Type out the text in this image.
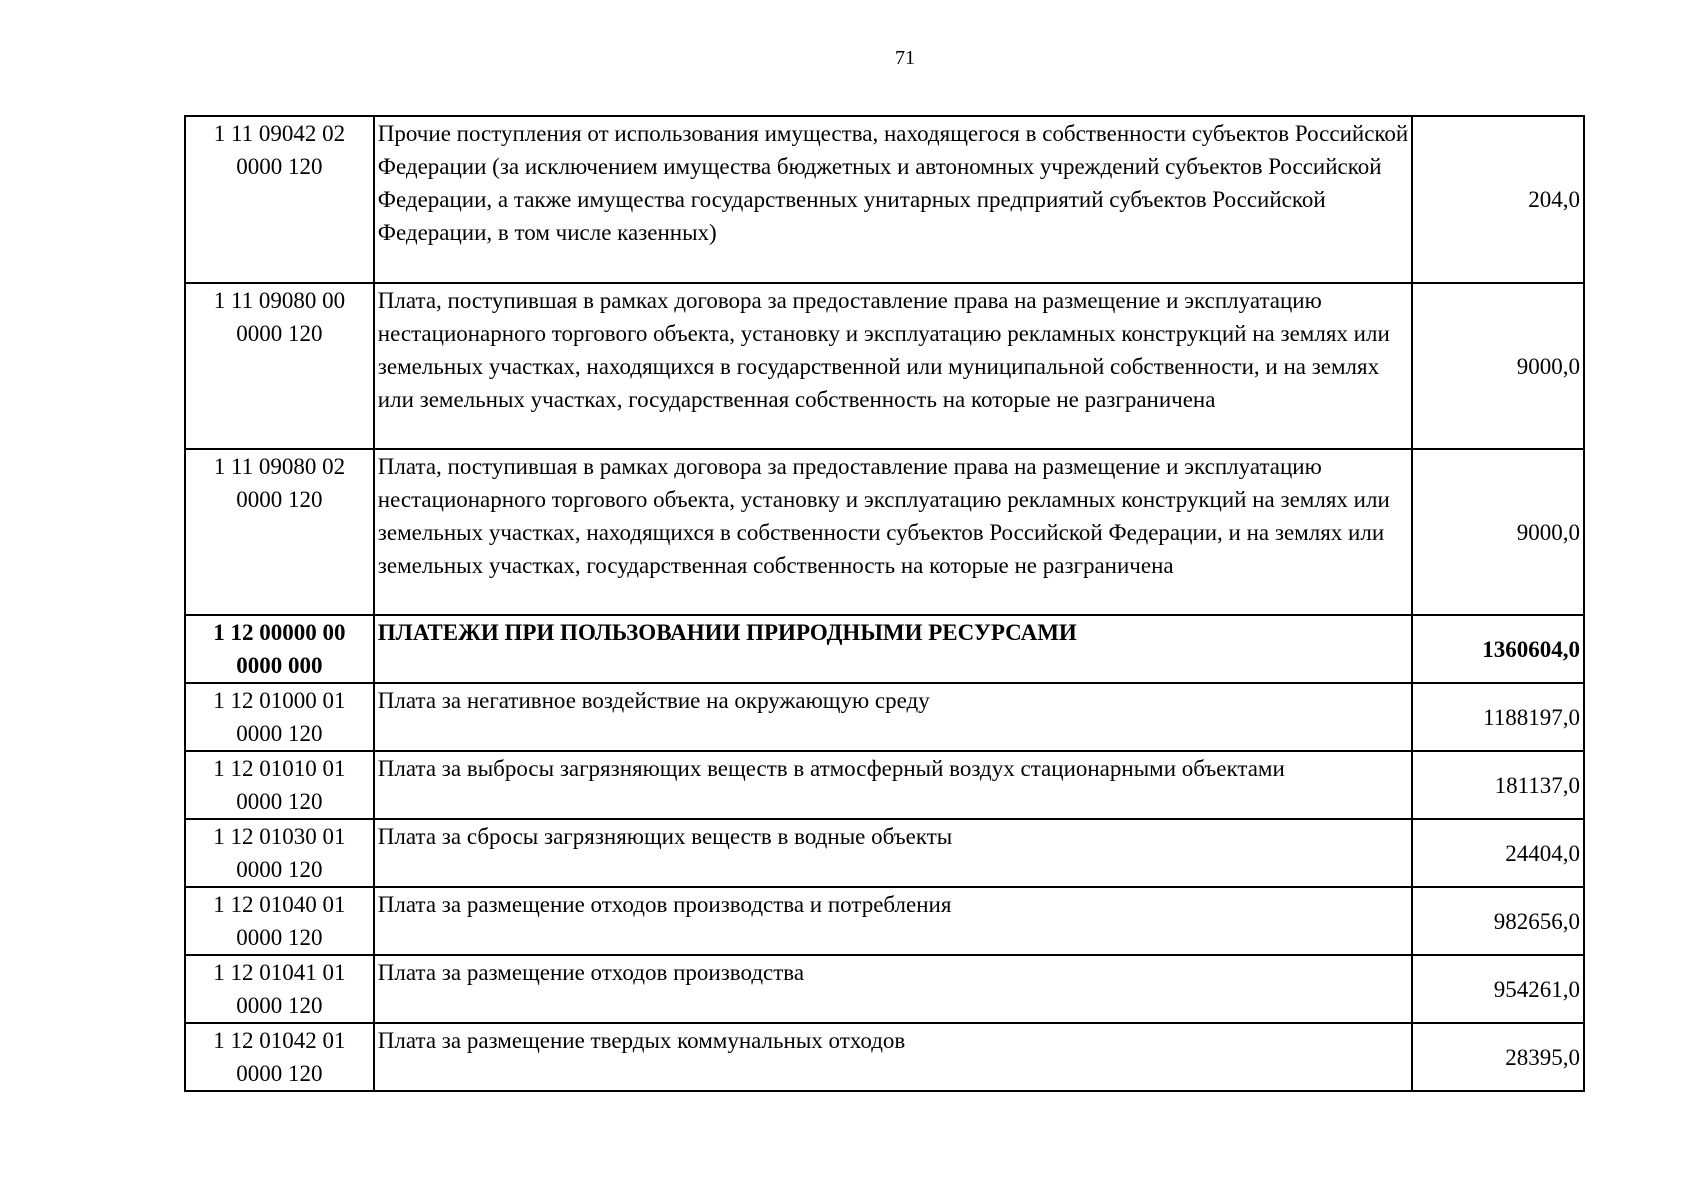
71
1 11 09042 02
0000 120	Прочие поступления от использования имущества, находящегося в собственности субъектов Российской Федерации (за исключением имущества бюджетных и автономных учреждений субъектов Российской Федерации, а также имущества государственных унитарных предприятий субъектов Российской Федерации, в том числе казенных)	204,0

1 11 09080 00
0000 120	Плата, поступившая в рамках договора за предоставление права на размещение и эксплуатацию нестационарного торгового объекта, установку и эксплуатацию рекламных конструкций на землях или земельных участках, находящихся в государственной или муниципальной собственности, и на землях или земельных участках, государственная собственность на которые не разграничена	9000,0

1 11 09080 02
0000 120	Плата, поступившая в рамках договора за предоставление права на размещение и эксплуатацию нестационарного торгового объекта, установку и эксплуатацию рекламных конструкций на землях или земельных участках, находящихся в собственности субъектов Российской Федерации, и на землях или земельных участках, государственная собственность на которые не разграничена	9000,0

1 12 00000 00
0000 000	ПЛАТЕЖИ ПРИ ПОЛЬЗОВАНИИ ПРИРОДНЫМИ РЕСУРСАМИ	1360604,0

1 12 01000 01
0000 120	Плата за негативное воздействие на окружающую среду	1188197,0

1 12 01010 01
0000 120	Плата за выбросы загрязняющих веществ в атмосферный воздух стационарными объектами	181137,0

1 12 01030 01
0000 120	Плата за сбросы загрязняющих веществ в водные объекты	24404,0

1 12 01040 01
0000 120	Плата за размещение отходов производства и потребления	982656,0

1 12 01041 01
0000 120	Плата за размещение отходов производства	954261,0

1 12 01042 01
0000 120	Плата за размещение твердых коммунальных отходов	28395,0
